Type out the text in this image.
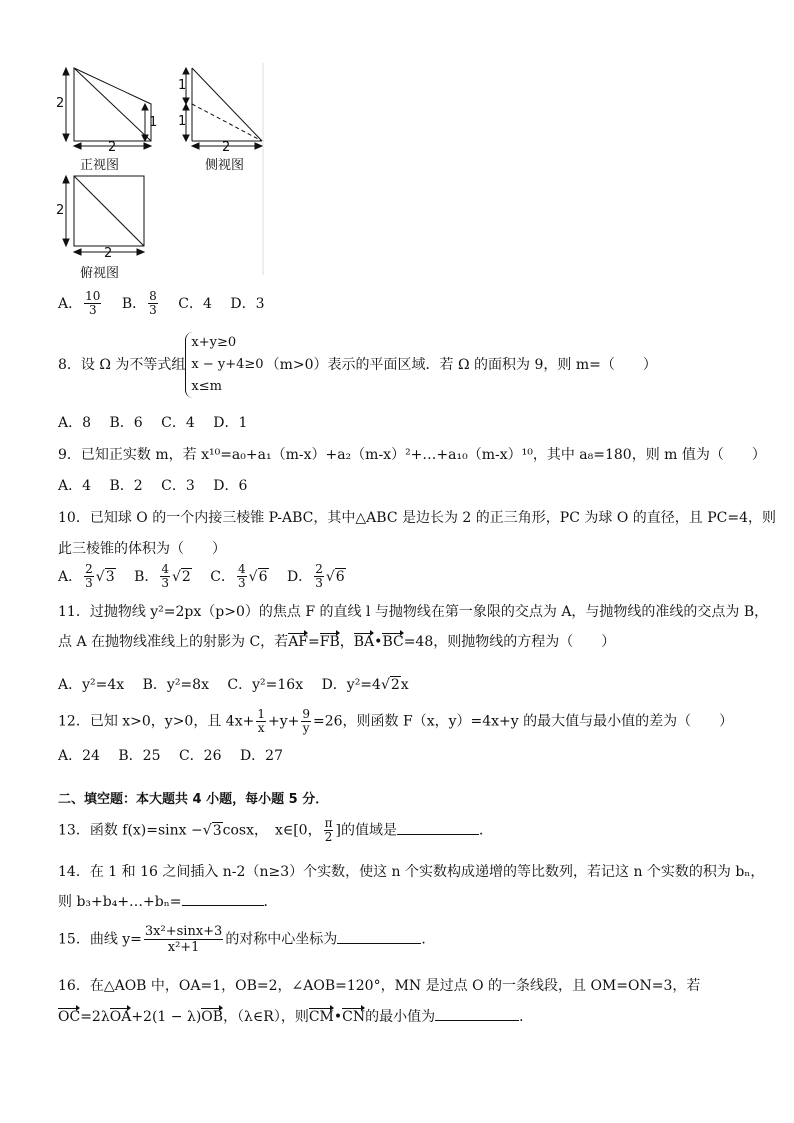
2
1
2
正视图
1
1
2
侧视图
2
2
俯视图
A． $\frac{10}{3}$ B． $\frac{8}{3}$ C．4 D．3
8．设 Ω 为不等式组
x+y≥0
x − y+4≥0
x≤m
（m>0）表示的平面区域．若 Ω 的面积为 9，则 m=（　　）
A．8 B．6 C．4 D．1
9．已知正实数 m，若 x¹⁰=a₀+a₁（m-x）+a₂（m-x）²+…+a₁₀（m-x）¹⁰，其中 a₈=180，则 m 值为（　　）
A．4 B．2 C．3 D．6
10．已知球 O 的一个内接三棱锥 P-ABC，其中△ABC 是边长为 2 的正三角形，PC 为球 O 的直径，且 PC=4，则
此三棱锥的体积为（　　）
A． $\frac{2}{3} √3$ B． $\frac{4}{3} √2$ C． $\frac{4}{3} √6$ D． $\frac{2}{3} √6$
11．过抛物线 y²=2px（p>0）的焦点 F 的直线 l 与抛物线在第一象限的交点为 A，与抛物线的准线的交点为 B，
点 A 在抛物线准线上的射影为 C，若AF=FB，BA•BC=48，则抛物线的方程为（　　）
A．y²=4x B．y²=8x C．y²=16x D．y²=4√2x
12．已知 x>0，y>0，且 $4x+ \frac{1}{x} +y+ \frac{9}{y} =26$，则函数 F（x，y）=4x+y 的最大值与最小值的差为（　　）
A．24 B．25 C．26 D．27
二、填空题：本大题共 4 小题，每小题 5 分．
13．函数 f(x)=sinx −√3cosx，　x∈[0， $\frac{\pi}{2}$ ]的值域是	．
14．在 1 和 16 之间插入 n-2（n≥3）个实数，使这 n 个实数构成递增的等比数列，若记这 n 个实数的积为 bₙ，
则 b₃+b₄+…+bₙ=	．
15．曲线 $y= \frac{\text{3x²+sinx+3}}{\text{x²+1}}$ 的对称中心坐标为	．
16．在△AOB 中，OA=1，OB=2，∠AOB=120°，MN 是过点 O 的一条线段，且 OM=ON=3，若
OC=2λOA+2(1 − λ)OB，（λ∈R），则CM•CN的最小值为	．
